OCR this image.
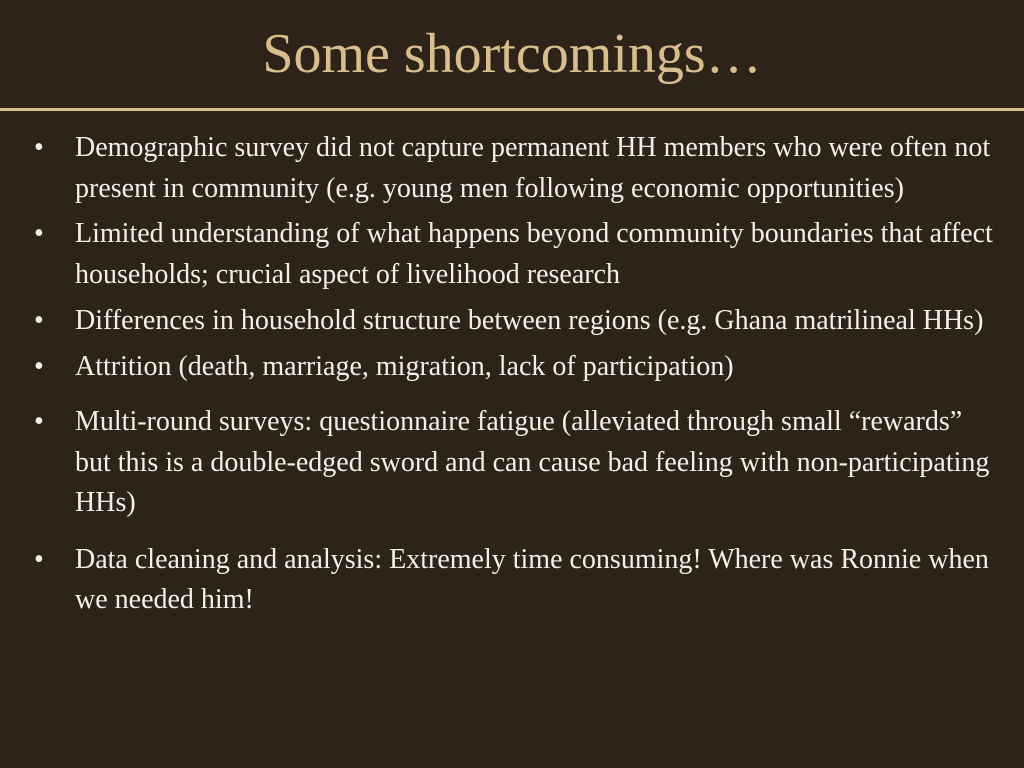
Some shortcomings…
•	Demographic survey did not capture permanent HH members who were often not present in community (e.g. young men following economic opportunities)
•	Limited understanding of what happens beyond community boundaries that affect households; crucial aspect of livelihood research
•	Differences in household structure between regions (e.g. Ghana matrilineal HHs)
•	Attrition (death, marriage, migration, lack of participation)
•	Multi-round surveys: questionnaire fatigue (alleviated through small “rewards” but this is a double-edged sword and can cause bad feeling with non-participating HHs)
•	Data cleaning and analysis: Extremely time consuming! Where was Ronnie when we needed him!
